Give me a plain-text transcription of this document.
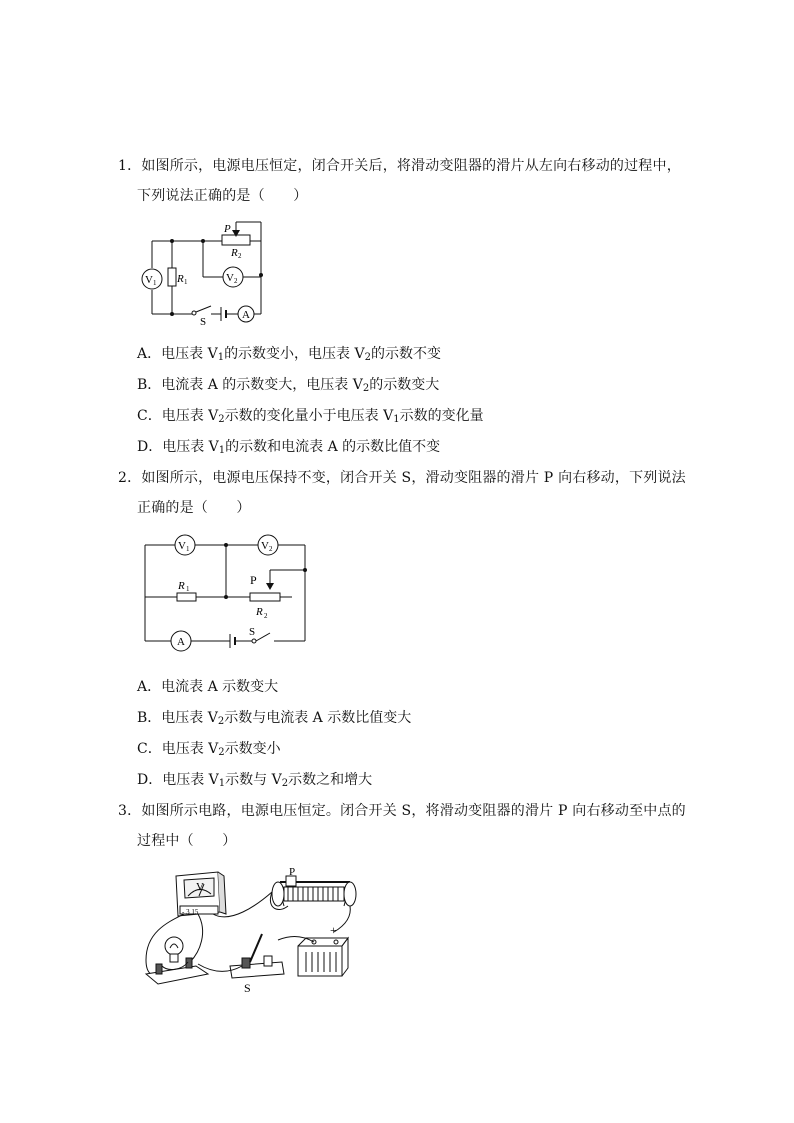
1．如图所示，电源电压恒定，闭合开关后，将滑动变阻器的滑片从左向右移动的过程中，
下列说法正确的是（　　）
V 1	V 2
A
P
R 2
R 1
S
A．电压表 $V_1$的示数变小，电压表 $V_2$的示数不变
B．电流表 A 的示数变大，电压表 $V_2$的示数变大
C．电压表 $V_2$示数的变化量小于电压表 $V_1$示数的变化量
D．电压表 $V_1$的示数和电流表 A 的示数比值不变
2．如图所示，电源电压保持不变，闭合开关 S，滑动变阻器的滑片 P 向右移动，下列说法
正确的是（　　）
V 1	V 2
A
R 1
P
R 2
S
A．电流表 A 示数变大
B．电压表 $V_2$示数与电流表 A 示数比值变大
C．电压表 $V_2$示数变小
D．电压表 $V_1$示数与 $V_2$示数之和增大
3．如图所示电路，电源电压恒定。闭合开关 S，将滑动变阻器的滑片 P 向右移动至中点的
过程中（　　）
- 3 15
V
P
+
S
